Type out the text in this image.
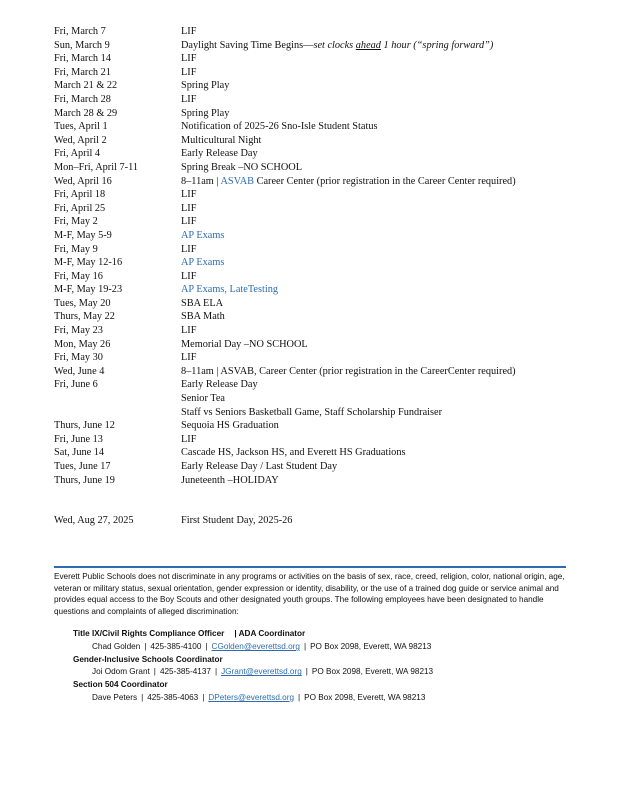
Fri, March 7	LIF
Sun, March 9	Daylight Saving Time Begins—set clocks ahead 1 hour (“spring forward”)
Fri, March 14	LIF
Fri, March 21	LIF
March 21 & 22	Spring Play
Fri, March 28	LIF
March 28 & 29	Spring Play
Tues, April 1	Notification of 2025-26 Sno-Isle Student Status
Wed, April 2	Multicultural Night
Fri, April 4	Early Release Day
Mon–Fri, April 7-11	Spring Break –NO SCHOOL
Wed, April 16	8–11am | ASVAB Career Center (prior registration in the Career Center required)
Fri, April 18	LIF
Fri, April 25	LIF
Fri, May 2	LIF
M-F, May 5-9	AP Exams
Fri, May 9	LIF
M-F, May 12-16	AP Exams
Fri, May 16	LIF
M-F, May 19-23	AP Exams, LateTesting
Tues, May 20	SBA ELA
Thurs, May 22	SBA Math
Fri, May 23	LIF
Mon, May 26	Memorial Day –NO SCHOOL
Fri, May 30	LIF
Wed, June 4	8–11am | ASVAB, Career Center (prior registration in the CareerCenter required)
Fri, June 6	Early Release Day
Senior Tea
Staff vs Seniors Basketball Game, Staff Scholarship Fundraiser
Thurs, June 12	Sequoia HS Graduation
Fri, June 13	LIF
Sat, June 14	Cascade HS, Jackson HS, and Everett HS Graduations
Tues, June 17	Early Release Day / Last Student Day
Thurs, June 19	Juneteenth –HOLIDAY
Wed, Aug 27, 2025	First Student Day, 2025-26
Everett Public Schools does not discriminate in any programs or activities on the basis of sex, race, creed, religion, color, national origin, age, veteran or military status, sexual orientation, gender expression or identity, disability, or the use of a trained dog guide or service animal and provides equal access to the Boy Scouts and other designated youth groups. The following employees have been designated to handle questions and complaints of alleged discrimination:
Title IX/Civil Rights Compliance Officer | ADA Coordinator
Chad Golden | 425-385-4100 | CGolden@everettsd.org | PO Box 2098, Everett, WA 98213
Gender-Inclusive Schools Coordinator
Joi Odom Grant | 425-385-4137 | JGrant@everettsd.org | PO Box 2098, Everett, WA 98213
Section 504 Coordinator
Dave Peters | 425-385-4063 | DPeters@everettsd.org | PO Box 2098, Everett, WA 98213
